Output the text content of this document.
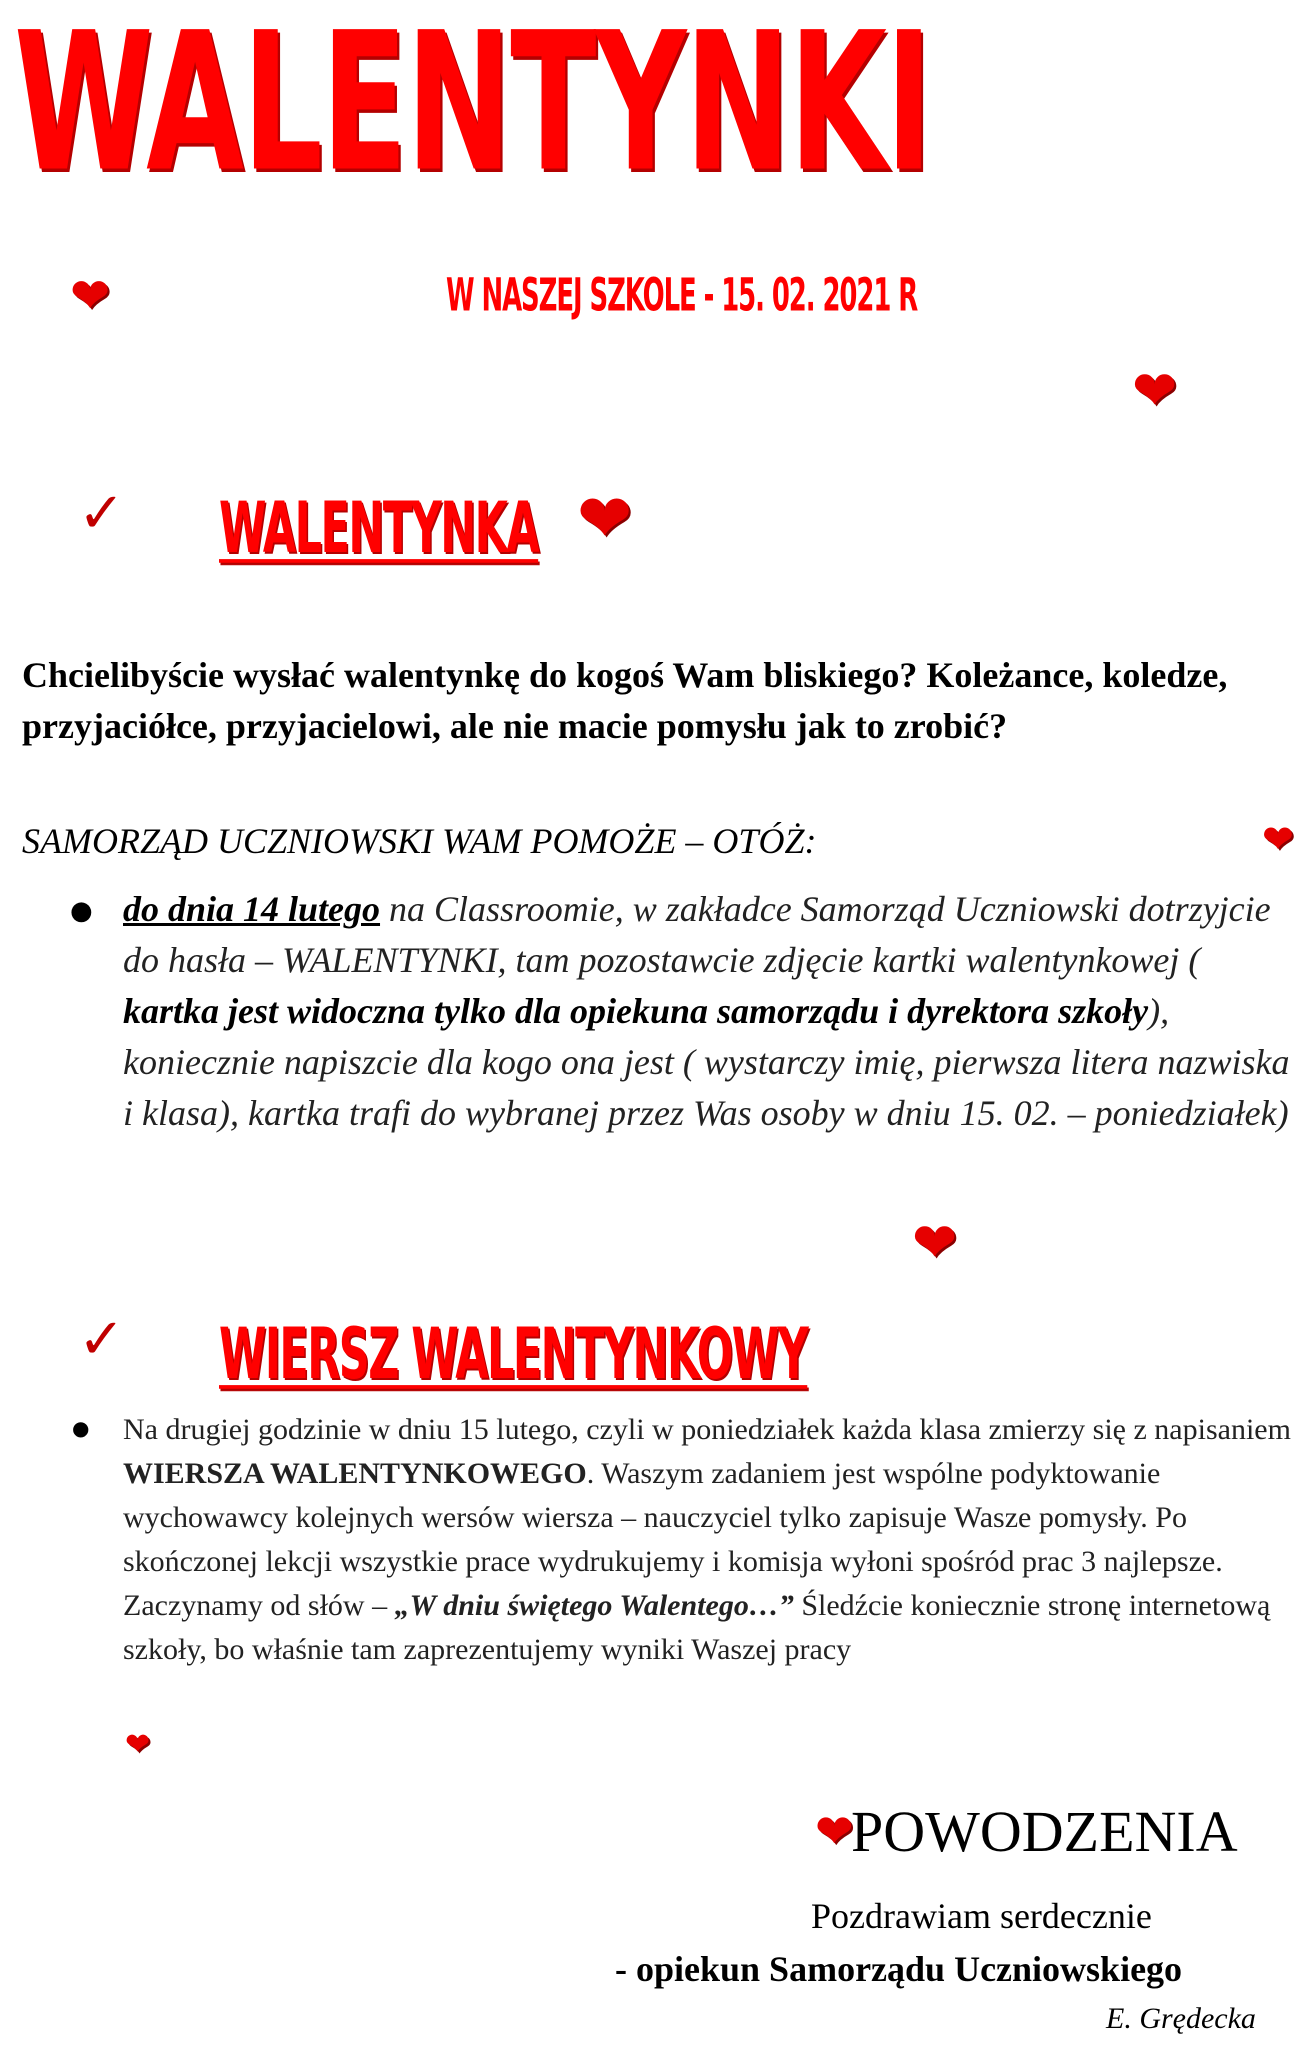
WALENTYNKI
W NASZEJ SZKOLE - 15. 02. 2021 R
❤
❤
❤
❤
❤
❤
❤
✓ WALENTYNKA

Chcielibyście wysłać walentynkę do kogoś Wam bliskiego? Koleżance, koledze, przyjaciółce, przyjacielowi, ale nie macie pomysłu jak to zrobić?

SAMORZĄD UCZNIOWSKI WAM POMOŻE – OTÓŻ:
● do dnia 14 lutego na Classroomie, w zakładce Samorząd Uczniowski dotrzyjcie do hasła – WALENTYNKI, tam pozostawcie zdjęcie kartki walentynkowej ( kartka jest widoczna tylko dla opiekuna samorządu i dyrektora szkoły), koniecznie napiszcie dla kogo ona jest ( wystarczy imię, pierwsza litera nazwiska i klasa), kartka trafi do wybranej przez Was osoby w dniu 15. 02. – poniedziałek)

✓ WIERSZ WALENTYNKOWY
● Na drugiej godzinie w dniu 15 lutego, czyli w poniedziałek każda klasa zmierzy się z napisaniem WIERSZA WALENTYNKOWEGO. Waszym zadaniem jest wspólne podyktowanie wychowawcy kolejnych wersów wiersza – nauczyciel tylko zapisuje Wasze pomysły. Po skończonej lekcji wszystkie prace wydrukujemy i komisja wyłoni spośród prac 3 najlepsze. Zaczynamy od słów – „W dniu świętego Walentego…” Śledźcie koniecznie stronę internetową szkoły, bo właśnie tam zaprezentujemy wyniki Waszej pracy

POWODZENIA
Pozdrawiam serdecznie
- opiekun Samorządu Uczniowskiego
E. Grędecka
